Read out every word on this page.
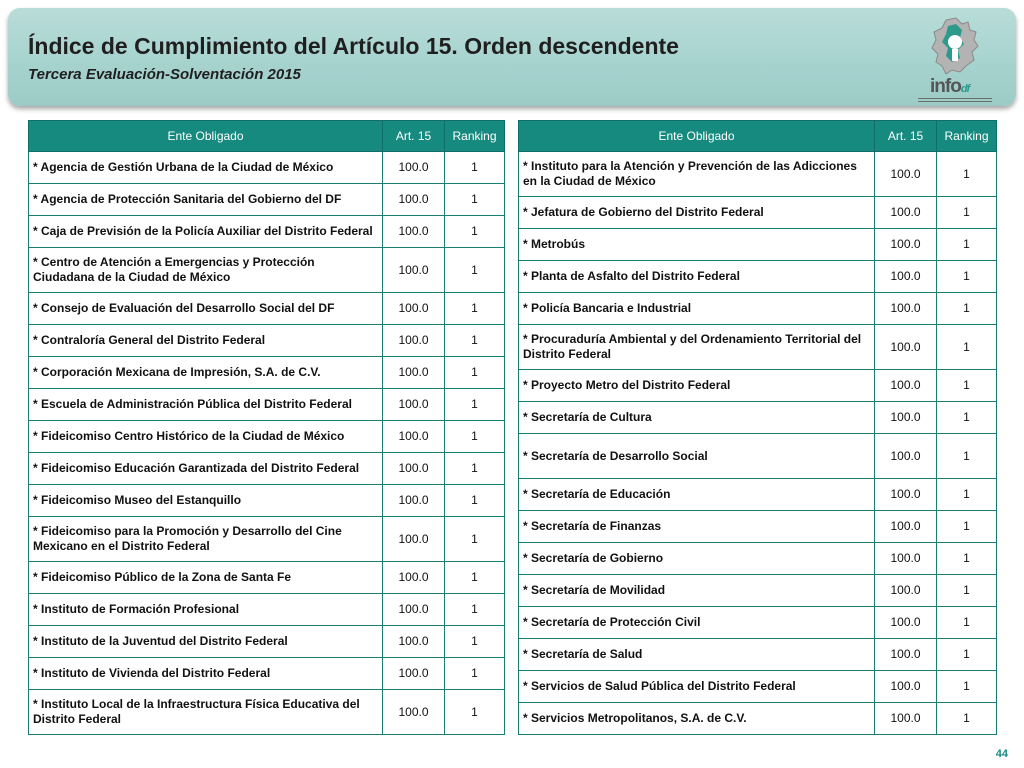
Índice de Cumplimiento del Artículo 15. Orden descendente
Tercera Evaluación-Solventación 2015
infodf
Ente Obligado	Art. 15	Ranking
* Agencia de Gestión Urbana de la Ciudad de México	100.0	1
* Agencia de Protección Sanitaria del Gobierno del DF	100.0	1
* Caja de Previsión de la Policía Auxiliar del Distrito Federal	100.0	1
* Centro de Atención a Emergencias y Protección Ciudadana de la Ciudad de México	100.0	1
* Consejo de Evaluación del Desarrollo Social del DF	100.0	1
* Contraloría General del Distrito Federal	100.0	1
* Corporación Mexicana de Impresión, S.A. de C.V.	100.0	1
* Escuela de Administración Pública del Distrito Federal	100.0	1
* Fideicomiso Centro Histórico de la Ciudad de México	100.0	1
* Fideicomiso Educación Garantizada del Distrito Federal	100.0	1
* Fideicomiso Museo del Estanquillo	100.0	1
* Fideicomiso para la Promoción y Desarrollo del Cine Mexicano en el Distrito Federal	100.0	1
* Fideicomiso Público de la Zona de Santa Fe	100.0	1
* Instituto de Formación Profesional	100.0	1
* Instituto de la Juventud del Distrito Federal	100.0	1
* Instituto de Vivienda del Distrito Federal	100.0	1
* Instituto Local de la Infraestructura Física Educativa del Distrito Federal	100.0	1
Ente Obligado	Art. 15	Ranking
* Instituto para la Atención y Prevención de las Adicciones en la Ciudad de México	100.0	1
* Jefatura de Gobierno del Distrito Federal	100.0	1
* Metrobús	100.0	1
* Planta de Asfalto del Distrito Federal	100.0	1
* Policía Bancaria e Industrial	100.0	1
* Procuraduría Ambiental y del Ordenamiento Territorial del Distrito Federal	100.0	1
* Proyecto Metro del Distrito Federal	100.0	1
* Secretaría de Cultura	100.0	1
* Secretaría de Desarrollo Social	100.0	1
* Secretaría de Educación	100.0	1
* Secretaría de Finanzas	100.0	1
* Secretaría de Gobierno	100.0	1
* Secretaría de Movilidad	100.0	1
* Secretaría de Protección Civil	100.0	1
* Secretaría de Salud	100.0	1
* Servicios de Salud Pública del Distrito Federal	100.0	1
* Servicios Metropolitanos, S.A. de C.V.	100.0	1
44
